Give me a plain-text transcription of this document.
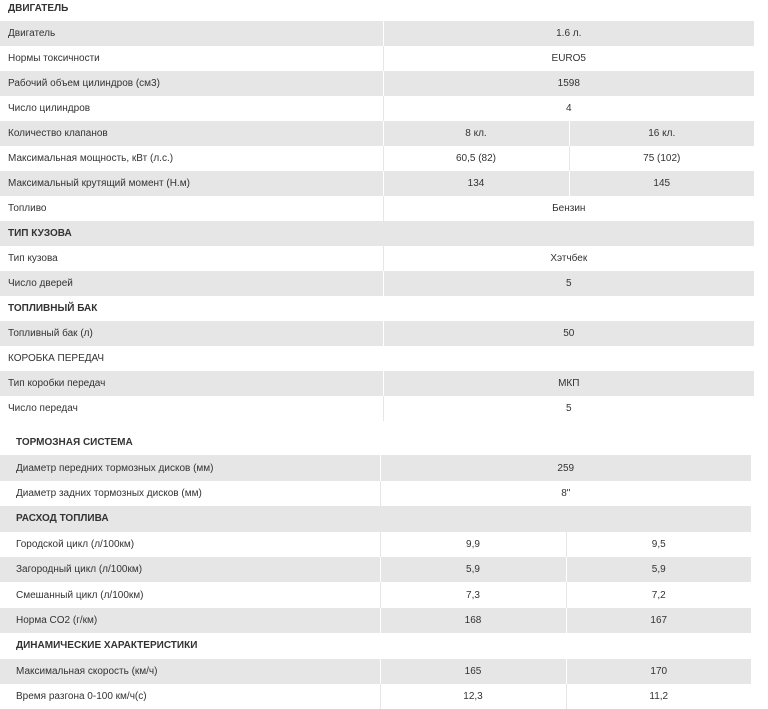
ДВИГАТЕЛЬ		
Двигатель	1.6 л.	
Нормы токсичности	EURO5	
Рабочий объем цилиндров (см3)	1598	
Число цилиндров	4	
Количество клапанов	8 кл.	16 кл.
Максимальная мощность, кВт (л.с.)	60,5 (82)	75 (102)
Максимальный крутящий момент (Н.м)	134	145
Топливо	Бензин	
ТИП КУЗОВА		
Тип кузова	Хэтчбек	
Число дверей	5	
ТОПЛИВНЫЙ БАК		
Топливный бак (л)	50	
КОРОБКА ПЕРЕДАЧ		
Тип коробки передач	МКП	
Число передач	5	
ТОРМОЗНАЯ СИСТЕМА		
Диаметр передних тормозных дисков (мм)	259	
Диаметр задних тормозных дисков (мм)	8"	
РАСХОД ТОПЛИВА		
Городской цикл (л/100км)	9,9	9,5
Загородный цикл (л/100км)	5,9	5,9
Смешанный цикл (л/100км)	7,3	7,2
Норма CO2 (г/км)	168	167
ДИНАМИЧЕСКИЕ ХАРАКТЕРИСТИКИ		
Максимальная скорость (км/ч)	165	170
Время разгона 0-100 км/ч(с)	12,3	11,2
